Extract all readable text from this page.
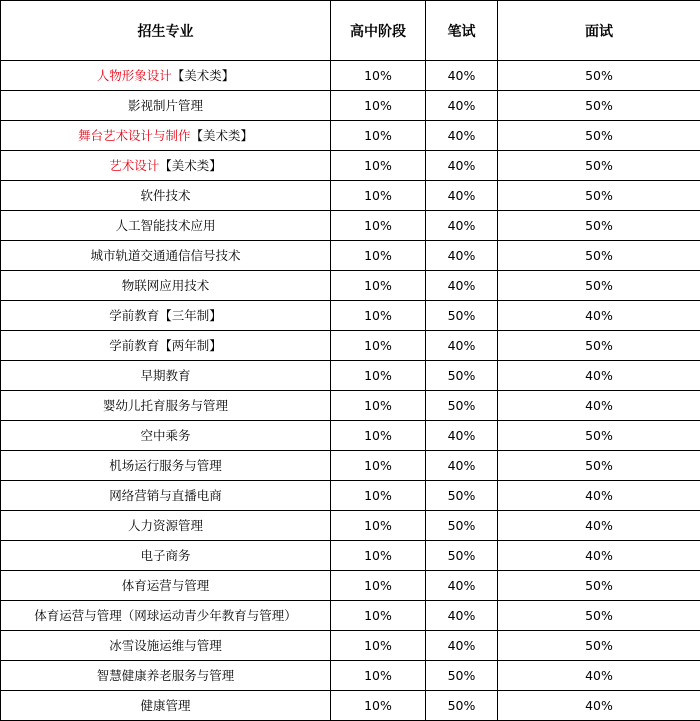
招生专业	高中阶段	笔试	面试
人物形象设计【美术类】	10%	40%	50%
影视制片管理	10%	40%	50%
舞台艺术设计与制作【美术类】	10%	40%	50%
艺术设计【美术类】	10%	40%	50%
软件技术	10%	40%	50%
人工智能技术应用	10%	40%	50%
城市轨道交通通信信号技术	10%	40%	50%
物联网应用技术	10%	40%	50%
学前教育【三年制】	10%	50%	40%
学前教育【两年制】	10%	40%	50%
早期教育	10%	50%	40%
婴幼儿托育服务与管理	10%	50%	40%
空中乘务	10%	40%	50%
机场运行服务与管理	10%	40%	50%
网络营销与直播电商	10%	50%	40%
人力资源管理	10%	50%	40%
电子商务	10%	50%	40%
体育运营与管理	10%	40%	50%
体育运营与管理（网球运动青少年教育与管理）	10%	40%	50%
冰雪设施运维与管理	10%	40%	50%
智慧健康养老服务与管理	10%	50%	40%
健康管理	10%	50%	40%
